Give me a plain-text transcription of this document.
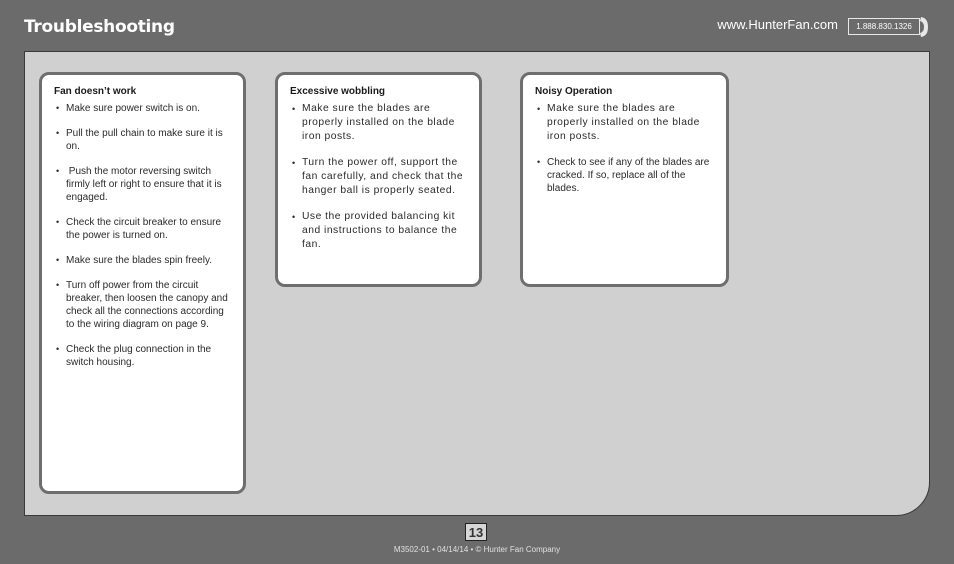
Troubleshooting	www.HunterFan.com	1.888.830.1326
Fan doesn’t work
• Make sure power switch is on.
• Pull the pull chain to make sure it is on.
• Push the motor reversing switch firmly left or right to ensure that it is engaged.
• Check the circuit breaker to ensure the power is turned on.
• Make sure the blades spin freely.
• Turn off power from the circuit breaker, then loosen the canopy and check all the connections according to the wiring diagram on page 9.
• Check the plug connection in the switch housing.
Excessive wobbling
• Make sure the blades are properly installed on the blade iron posts.
• Turn the power off, support the fan carefully, and check that the hanger ball is properly seated.
• Use the provided balancing kit and instructions to balance the fan.
Noisy Operation
• Make sure the blades are properly installed on the blade iron posts.
• Check to see if any of the blades are cracked. If so, replace all of the blades.
13
M3502-01 • 04/14/14 • © Hunter Fan Company
